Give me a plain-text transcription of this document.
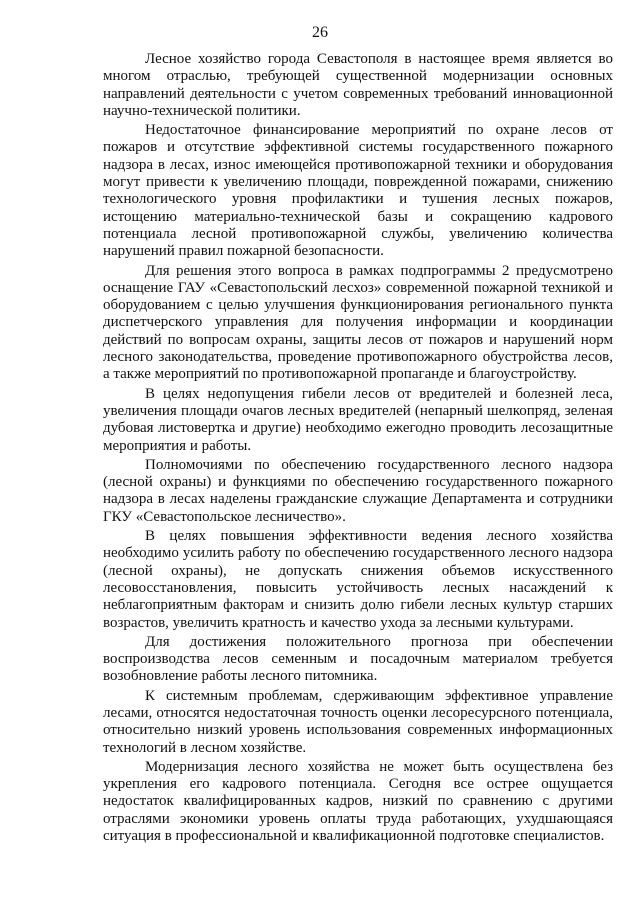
26

Лесное хозяйство города Севастополя в настоящее время является во многом отраслью, требующей существенной модернизации основных направлений деятельности с учетом современных требований инновационной научно-технической политики.

Недостаточное финансирование мероприятий по охране лесов от пожаров и отсутствие эффективной системы государственного пожарного надзора в лесах, износ имеющейся противопожарной техники и оборудования могут привести к увеличению площади, поврежденной пожарами, снижению технологического уровня профилактики и тушения лесных пожаров, истощению материально-технической базы и сокращению кадрового потенциала лесной противопожарной службы, увеличению количества нарушений правил пожарной безопасности.

Для решения этого вопроса в рамках подпрограммы 2 предусмотрено оснащение ГАУ «Севастопольский лесхоз» современной пожарной техникой и оборудованием с целью улучшения функционирования регионального пункта диспетчерского управления для получения информации и координации действий по вопросам охраны, защиты лесов от пожаров и нарушений норм лесного законодательства, проведение противопожарного обустройства лесов, а также мероприятий по противопожарной пропаганде и благоустройству.

В целях недопущения гибели лесов от вредителей и болезней леса, увеличения площади очагов лесных вредителей (непарный шелкопряд, зеленая дубовая листовертка и другие) необходимо ежегодно проводить лесозащитные мероприятия и работы.

Полномочиями по обеспечению государственного лесного надзора (лесной охраны) и функциями по обеспечению государственного пожарного надзора в лесах наделены гражданские служащие Департамента и сотрудники ГКУ «Севастопольское лесничество».

В целях повышения эффективности ведения лесного хозяйства необходимо усилить работу по обеспечению государственного лесного надзора (лесной охраны), не допускать снижения объемов искусственного лесовосстановления, повысить устойчивость лесных насаждений к неблагоприятным факторам и снизить долю гибели лесных культур старших возрастов, увеличить кратность и качество ухода за лесными культурами.

Для достижения положительного прогноза при обеспечении воспроизводства лесов семенным и посадочным материалом требуется возобновление работы лесного питомника.

К системным проблемам, сдерживающим эффективное управление лесами, относятся недостаточная точность оценки лесоресурсного потенциала, относительно низкий уровень использования современных информационных технологий в лесном хозяйстве.

Модернизация лесного хозяйства не может быть осуществлена без укрепления его кадрового потенциала. Сегодня все острее ощущается недостаток квалифицированных кадров, низкий по сравнению с другими отраслями экономики уровень оплаты труда работающих, ухудшающаяся ситуация в профессиональной и квалификационной подготовке специалистов.
